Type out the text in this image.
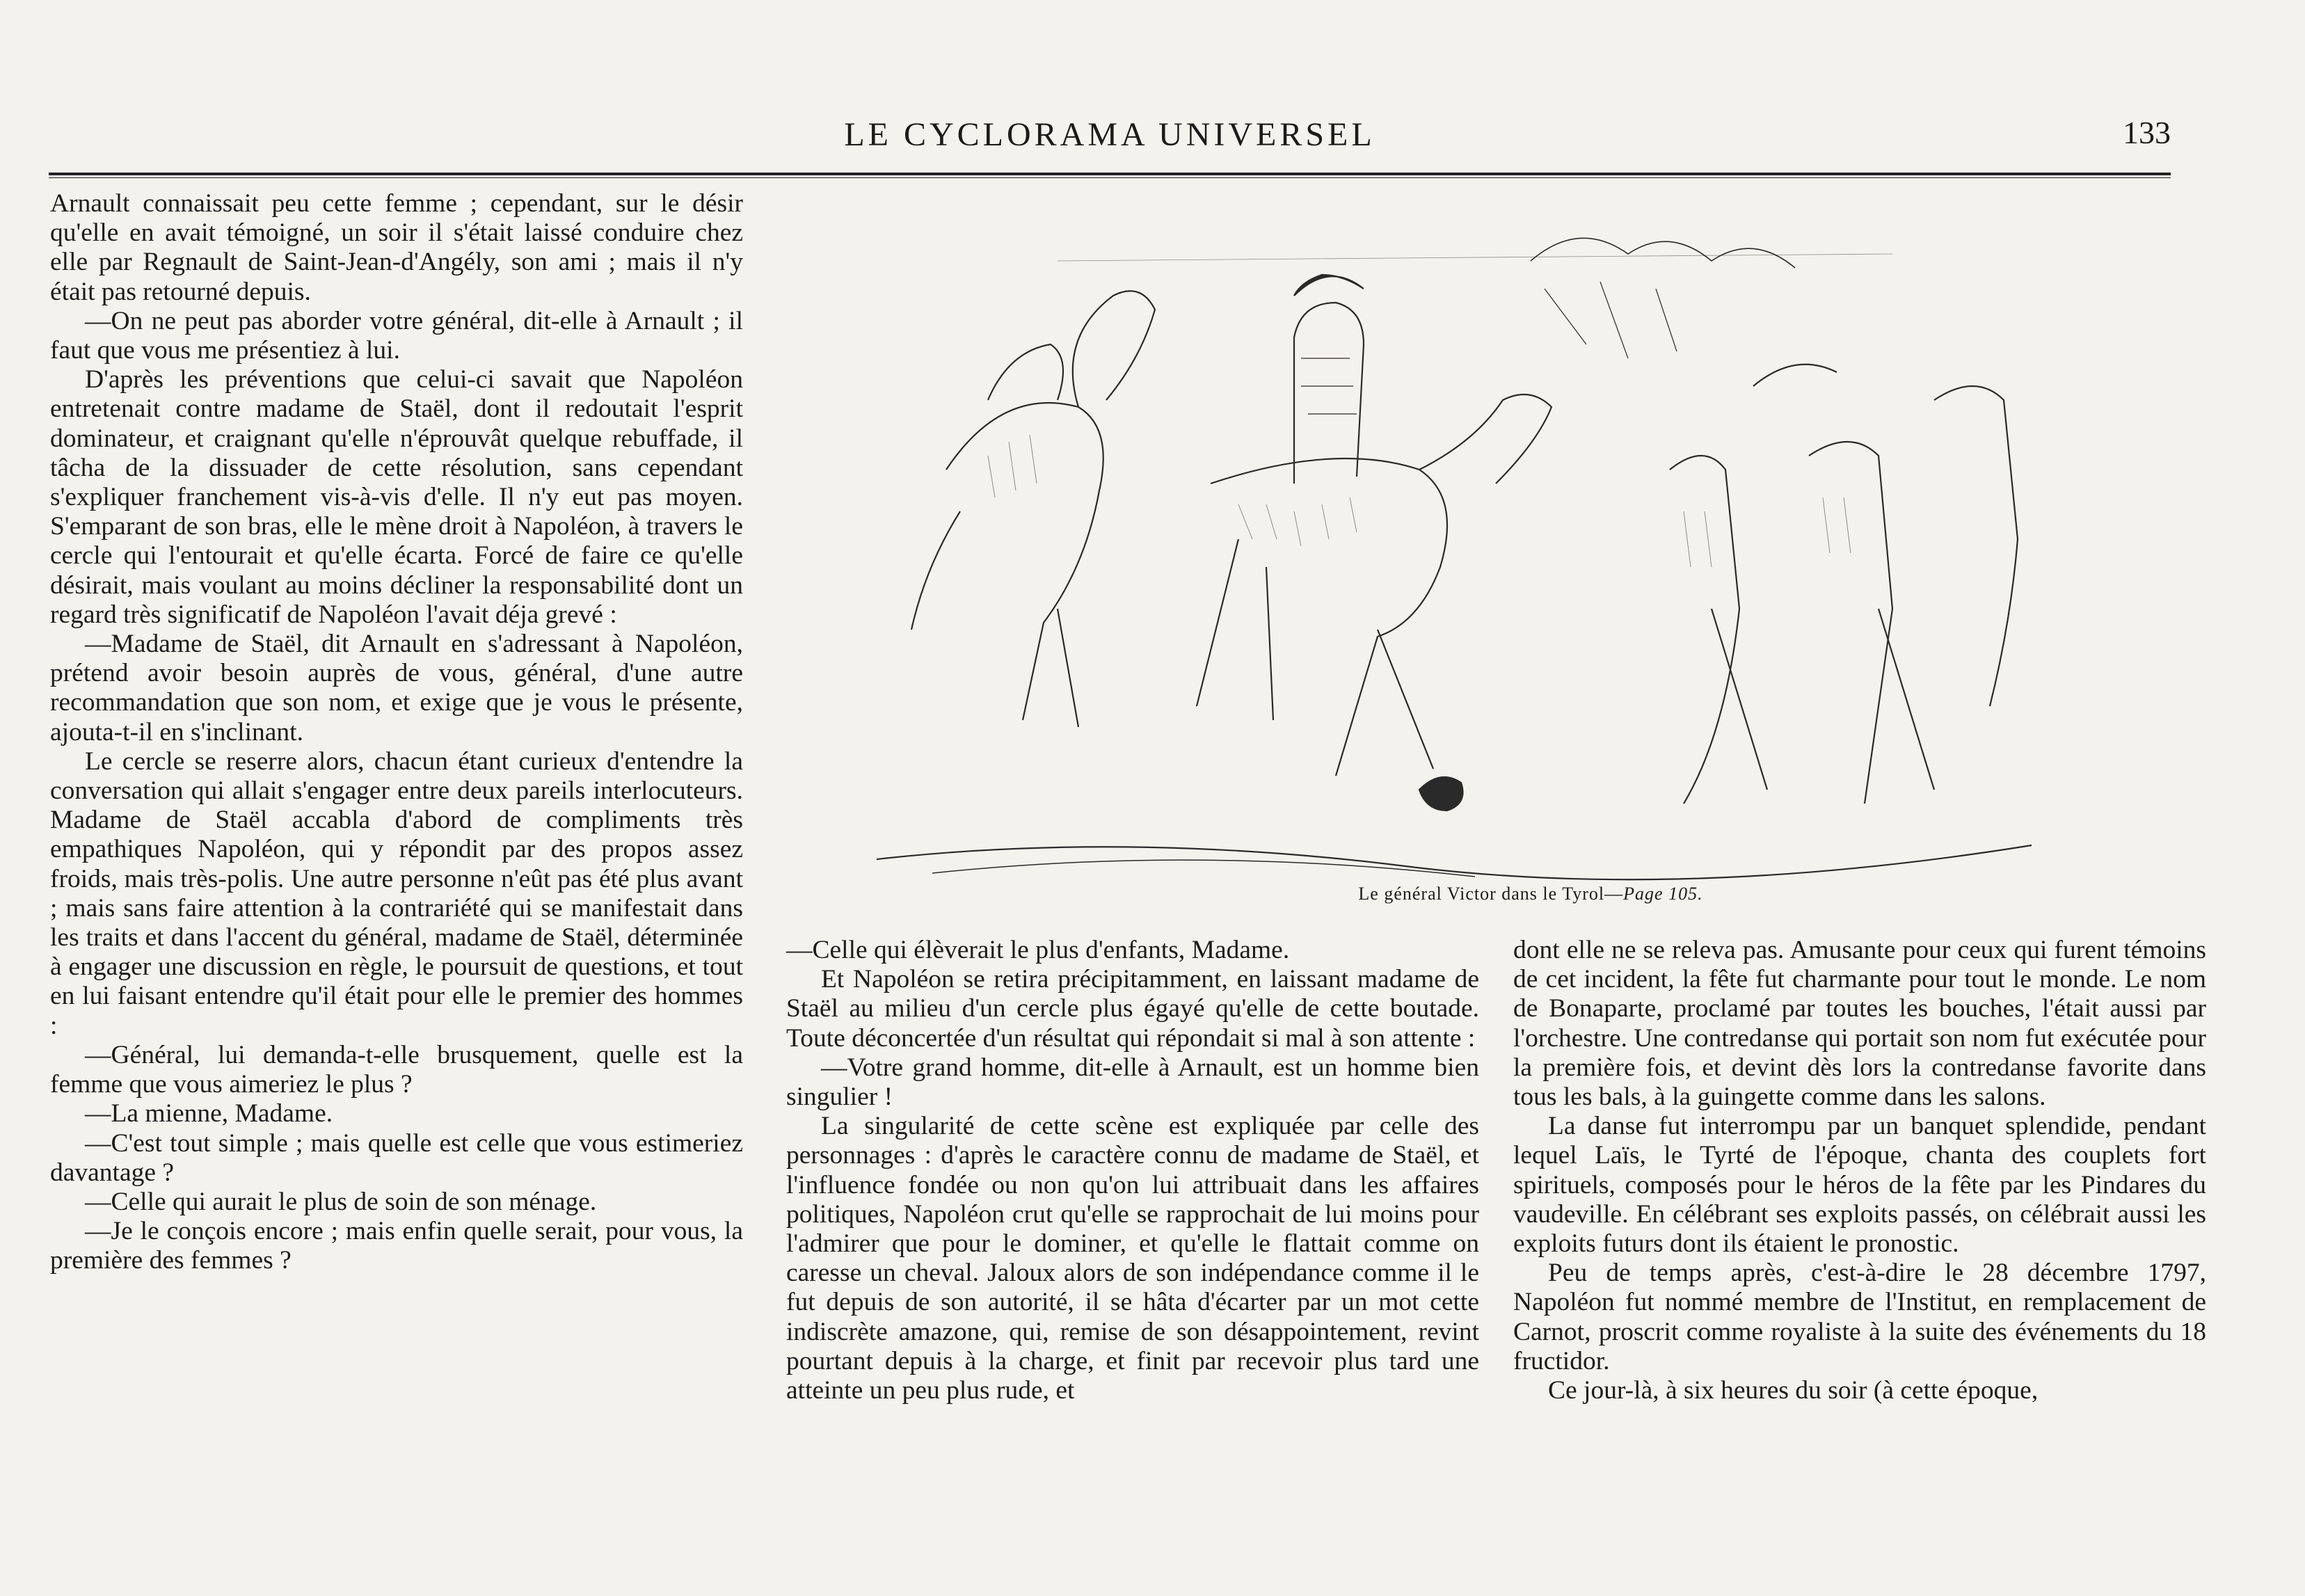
LE CYCLORAMA UNIVERSEL	133

Arnault connaissait peu cette femme ; cependant, sur le désir qu'elle en avait témoigné, un soir il s'était laissé conduire chez elle par Regnault de Saint-Jean-d'Angély, son ami ; mais il n'y était pas retourné depuis.

—On ne peut pas aborder votre général, dit-elle à Arnault ; il faut que vous me présentiez à lui.

D'après les préventions que celui-ci savait que Napoléon entretenait contre madame de Staël, dont il redoutait l'esprit dominateur, et craignant qu'elle n'éprouvât quelque rebuffade, il tâcha de la dissuader de cette résolution, sans cependant s'expliquer franchement vis-à-vis d'elle. Il n'y eut pas moyen. S'emparant de son bras, elle le mène droit à Napoléon, à travers le cercle qui l'entourait et qu'elle écarta. Forcé de faire ce qu'elle désirait, mais voulant au moins décliner la responsabilité dont un regard très significatif de Napoléon l'avait déja grevé :

—Madame de Staël, dit Arnault en s'adressant à Napoléon, prétend avoir besoin auprès de vous, général, d'une autre recommandation que son nom, et exige que je vous le présente, ajouta-t-il en s'inclinant.

Le cercle se reserre alors, chacun étant curieux d'entendre la conversation qui allait s'engager entre deux pareils interlocuteurs. Madame de Staël accabla d'abord de compliments très empathiques Napoléon, qui y répondit par des propos assez froids, mais très-polis. Une autre personne n'eût pas été plus avant ; mais sans faire attention à la contrariété qui se manifestait dans les traits et dans l'accent du général, madame de Staël, déterminée à engager une discussion en règle, le poursuit de questions, et tout en lui faisant entendre qu'il était pour elle le premier des hommes :

—Général, lui demanda-t-elle brusquement, quelle est la femme que vous aimeriez le plus ?

—La mienne, Madame.

—C'est tout simple ; mais quelle est celle que vous estimeriez davantage ?

—Celle qui aurait le plus de soin de son ménage.

—Je le conçois encore ; mais enfin quelle serait, pour vous, la première des femmes ?

Le général Victor dans le Tyrol—Page 105.

—Celle qui élèverait le plus d'enfants, Madame.

Et Napoléon se retira précipitamment, en laissant madame de Staël au milieu d'un cercle plus égayé qu'elle de cette boutade. Toute déconcertée d'un résultat qui répondait si mal à son attente :

—Votre grand homme, dit-elle à Arnault, est un homme bien singulier !

La singularité de cette scène est expliquée par celle des personnages : d'après le caractère connu de madame de Staël, et l'influence fondée ou non qu'on lui attribuait dans les affaires politiques, Napoléon crut qu'elle se rapprochait de lui moins pour l'admirer que pour le dominer, et qu'elle le flattait comme on caresse un cheval. Jaloux alors de son indépendance comme il le fut depuis de son autorité, il se hâta d'écarter par un mot cette indiscrète amazone, qui, remise de son désappointement, revint pourtant depuis à la charge, et finit par recevoir plus tard une atteinte un peu plus rude, et

dont elle ne se releva pas. Amusante pour ceux qui furent témoins de cet incident, la fête fut charmante pour tout le monde. Le nom de Bonaparte, proclamé par toutes les bouches, l'était aussi par l'orchestre. Une contredanse qui portait son nom fut exécutée pour la première fois, et devint dès lors la contredanse favorite dans tous les bals, à la guingette comme dans les salons.

La danse fut interrompu par un banquet splendide, pendant lequel Laïs, le Tyrté de l'époque, chanta des couplets fort spirituels, composés pour le héros de la fête par les Pindares du vaudeville. En célébrant ses exploits passés, on célébrait aussi les exploits futurs dont ils étaient le pronostic.

Peu de temps après, c'est-à-dire le 28 décembre 1797, Napoléon fut nommé membre de l'Institut, en remplacement de Carnot, proscrit comme royaliste à la suite des événements du 18 fructidor.

Ce jour-là, à six heures du soir (à cette époque,
